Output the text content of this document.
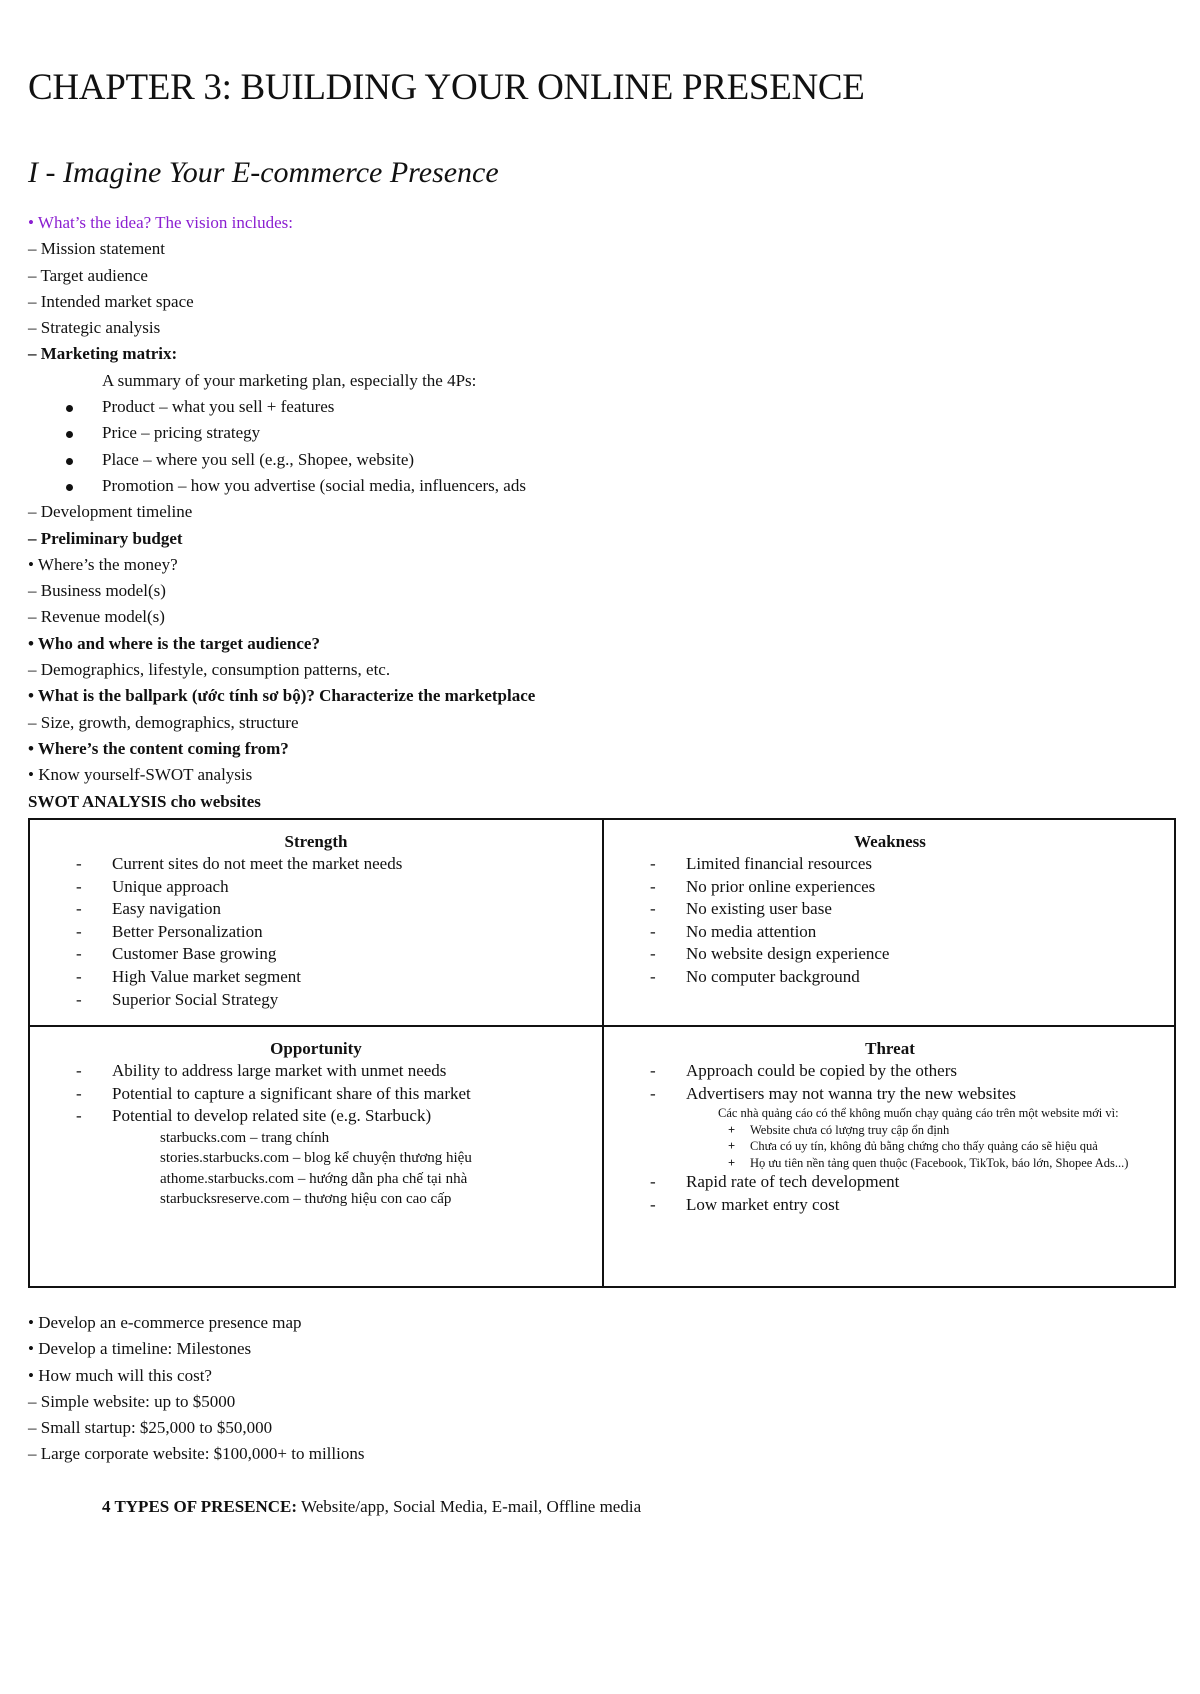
CHAPTER 3: BUILDING YOUR ONLINE PRESENCE
I - Imagine Your E-commerce Presence
• What’s the idea? The vision includes:
– Mission statement
– Target audience
– Intended market space
– Strategic analysis
– Marketing matrix:
A summary of your marketing plan, especially the 4Ps:
Product – what you sell + features
Price – pricing strategy
Place – where you sell (e.g., Shopee, website)
Promotion – how you advertise (social media, influencers, ads
– Development timeline
– Preliminary budget
• Where’s the money?
– Business model(s)
– Revenue model(s)
• Who and where is the target audience?
– Demographics, lifestyle, consumption patterns, etc.
• What is the ballpark (ước tính sơ bộ)? Characterize the marketplace
– Size, growth, demographics, structure
• Where’s the content coming from?
• Know yourself-SWOT analysis
SWOT ANALYSIS cho websites
Strength
- Current sites do not meet the market needs
- Unique approach
- Easy navigation
- Better Personalization
- Customer Base growing
- High Value market segment
- Superior Social Strategy
Weakness
- Limited financial resources
- No prior online experiences
- No existing user base
- No media attention
- No website design experience
- No computer background
Opportunity
- Ability to address large market with unmet needs
- Potential to capture a significant share of this market
- Potential to develop related site (e.g. Starbuck)
starbucks.com – trang chính
stories.starbucks.com – blog kể chuyện thương hiệu
athome.starbucks.com – hướng dẫn pha chế tại nhà
starbucksreserve.com – thương hiệu con cao cấp
Threat
- Approach could be copied by the others
- Advertisers may not wanna try the new websites
Các nhà quảng cáo có thể không muốn chạy quảng cáo trên một website mới vì:
+ Website chưa có lượng truy cập ổn định
+ Chưa có uy tín, không đủ bằng chứng cho thấy quảng cáo sẽ hiệu quả
+ Họ ưu tiên nền tảng quen thuộc (Facebook, TikTok, báo lớn, Shopee Ads...)
- Rapid rate of tech development
- Low market entry cost
• Develop an e-commerce presence map
• Develop a timeline: Milestones
• How much will this cost?
– Simple website: up to $5000
– Small startup: $25,000 to $50,000
– Large corporate website: $100,000+ to millions
4 TYPES OF PRESENCE: Website/app, Social Media, E-mail, Offline media
